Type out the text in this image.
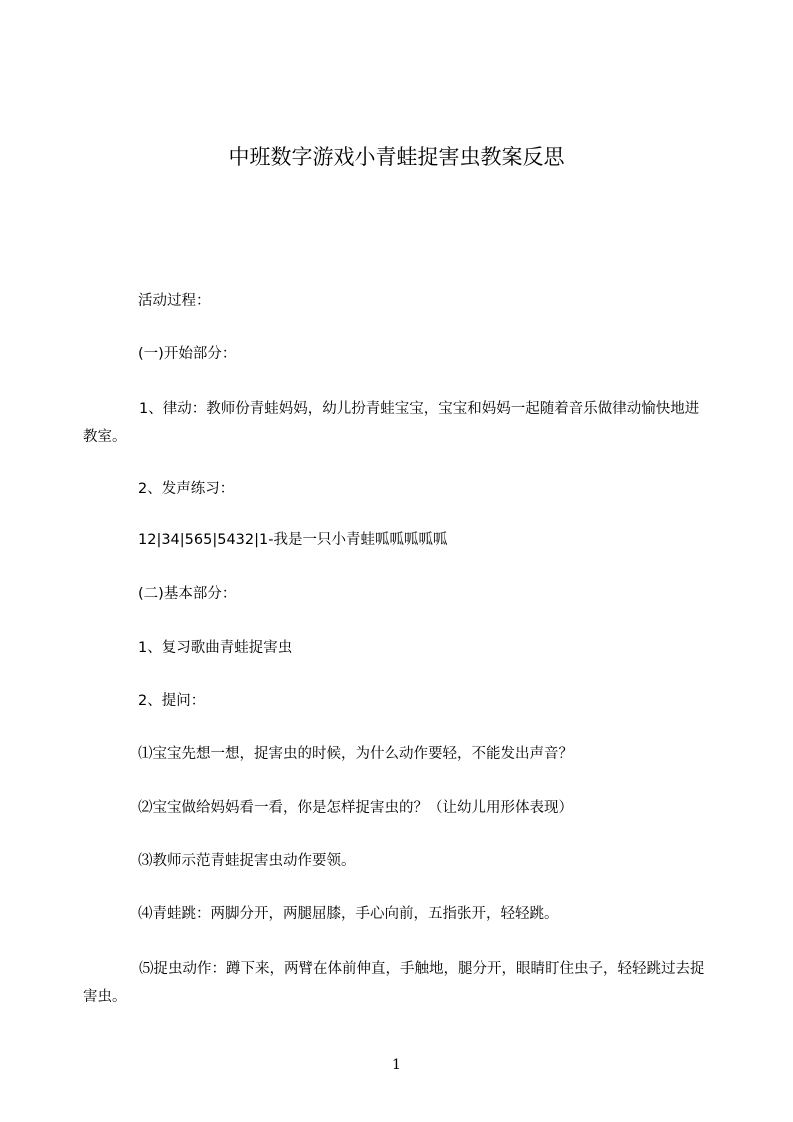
中班数字游戏小青蛙捉害虫教案反思

活动过程：

(一)开始部分：

1、律动：教师份青蛙妈妈，幼儿扮青蛙宝宝，宝宝和妈妈一起随着音乐做律动愉快地进教室。

2、发声练习：

12|34|565|5432|1-我是一只小青蛙呱呱呱呱呱

(二)基本部分：

1、复习歌曲青蛙捉害虫

2、提问：

⑴宝宝先想一想，捉害虫的时候，为什么动作要轻，不能发出声音？

⑵宝宝做给妈妈看一看，你是怎样捉害虫的？（让幼儿用形体表现）

⑶教师示范青蛙捉害虫动作要领。

⑷青蛙跳：两脚分开，两腿屈膝，手心向前，五指张开，轻轻跳。

⑸捉虫动作：蹲下来，两臂在体前伸直，手触地，腿分开，眼睛盯住虫子，轻轻跳过去捉害虫。

1
